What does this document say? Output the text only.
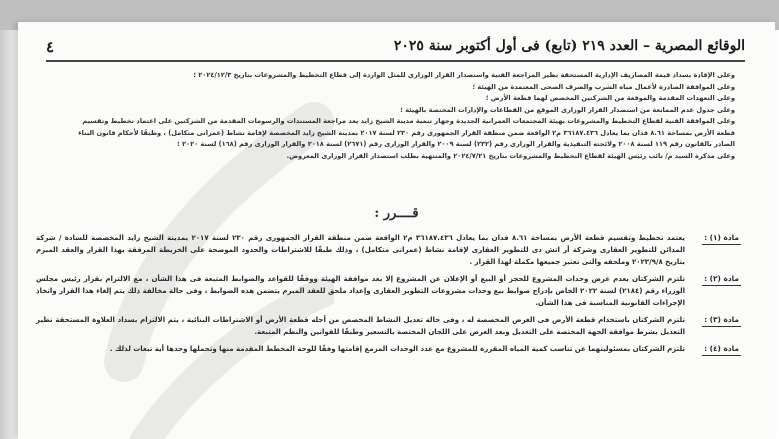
الوقائع المصرية – العدد ٢١٩ (تابع) فى أول أكتوبر سنة ٢٠٢٥
٤
وعلى الإفادة بسداد قيمة المصاريف الإدارية المستحقة نظير المراجعة الفنية واستصدار القرار الوزارى للمثل الواردة إلى قطاع التخطيط والمشروعات بتاريخ ٢٠٢٤/١٢/٣ ؛
وعلى الموافقة الصادرة لأعمال مياه الشرب والصرف الصحى المعتمدة من الهيئة ؛
وعلى التعهدات المقدمة والموقعة من الشركتين المخصص لهما قطعة الأرض ؛
وعلى جدول عدم الممانعة من استصدار القرار الوزارى الموقع من القطاعات والإدارات المختصة بالهيئة ؛
وعلى الموافقة الفنية لقطاع التخطيط والمشروعات بهيئة المجتمعات العمرانية الجديدة وجهاز تنمية مدينة الشيخ زايد بعد مراجعة المستندات والرسومات المقدمة من الشركتين على اعتماد تخطيط وتقسيم قطعة الأرض بمساحة ٨.٦١ فدان بما يعادل ٣٦١٨٧.٤٣٦ م٢ الواقعة ضمن منطقة القرار الجمهورى رقم ٢٣٠ لسنة ٢٠١٧ بمدينة الشيخ زايد المخصصة لإقامة نشاط (عمرانى متكامل) ، وطبقًا لأحكام قانون البناء الصادر بالقانون رقم ١١٩ لسنة ٢٠٠٨ ولائحته التنفيذية والقرار الوزارى رقم (٢٣٢) لسنة ٢٠٠٩ والقرار الوزارى رقم (٢٦٧١) لسنة ٢٠١٨ والقرار الوزارى رقم (١٦٨) لسنة ٢٠٢٠ ؛
وعلى مذكرة السيد م/ نائب رئيس الهيئة لقطاع التخطيط والمشروعات بتاريخ ٢٠٢٤/٧/٢١ والمنتهية بطلب استصدار القرار الوزارى المعروض.
قــــرر :
مادة (١) :
يعتمد تخطيط وتقسيم قطعة الأرض بمساحة ٨.٦١ فدان بما يعادل ٣٦١٨٧.٤٣٦ م٢ الواقعة ضمن منطقة القرار الجمهورى رقم ٢٣٠ لسنة ٢٠١٧ بمدينة الشيخ زايد المخصصة للسادة / شركة المدائن للتطوير العقارى وشركة أر اتش دى للتطوير العقارى لإقامة نشاط (عمرانى متكامل) ، وذلك طبقًا للاشتراطات والحدود الموضحة على الخريطة المرفقة بهذا القرار والعقد المبرم بتاريخ ٢٠٢٣/٩/٨ وملحقه والتى تعتبر جميعها مكملة لهذا القرار .
مادة (٢) :
تلتزم الشركتان بعدم عرض وحدات المشروع للحجز أو البيع أو الإعلان عن المشروع إلا بعد موافقة الهيئة ووفقًا للقواعد والضوابط المتبعة فى هذا الشأن ، مع الالتزام بقرار رئيس مجلس الوزراء رقم (٢١٨٤) لسنة ٢٠٢٢ الخاص بإدراج ضوابط بيع وحدات مشروعات التطوير العقارى وإعداد ملحق للعقد المبرم يتضمن هذه الضوابط ، وفى حالة مخالفة ذلك يتم إلغاء هذا القرار واتخاذ الإجراءات القانونية المناسبة فى هذا الشأن.
مادة (٣) :
تلتزم الشركتان باستخدام قطعة الأرض فى الغرض المخصصة له ، وفى حالة تعديل النشاط المخصص من أجله قطعة الأرض أو الاشتراطات البنائية ، يتم الالتزام بسداد العلاوة المستحقة نظير التعديل بشرط موافقة الجهة المختصة على التعديل وبعد العرض على اللجان المختصة بالتسعير وطبقًا للقوانين والنظم المتبعة.
مادة (٤) :
تلتزم الشركتان بمسئوليتهما عن تناسب كمية المياه المقررة للمشروع مع عدد الوحدات المزمع إقامتها وفقًا للوحة المخطط المقدمة منها وتحملها وحدها أية تبعات لذلك .
